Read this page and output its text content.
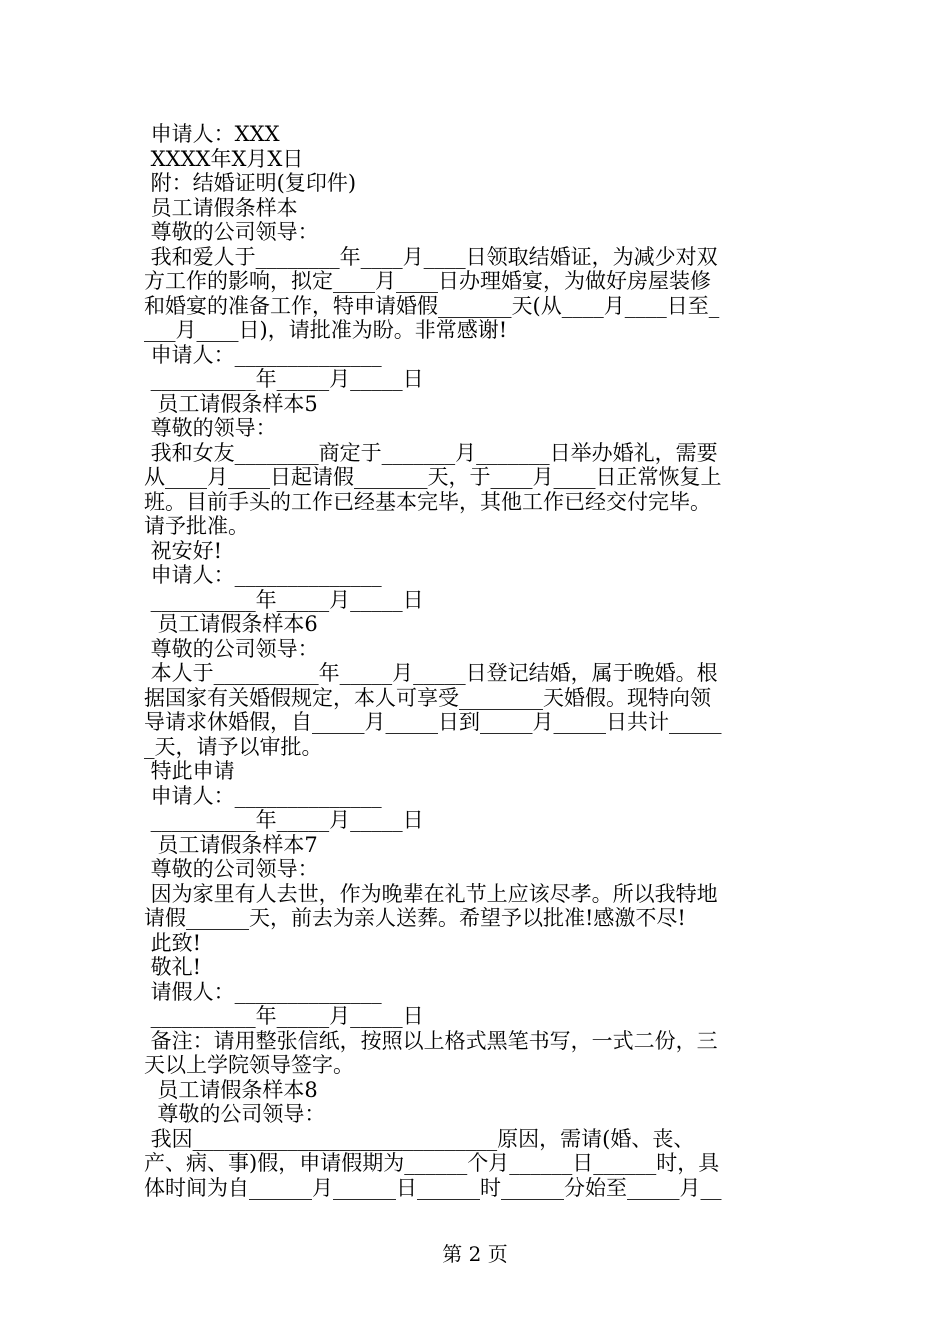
申请人：XXX
XXXX年X月X日
附：结婚证明(复印件)
员工请假条样本
尊敬的公司领导：
我和爱人于________年____月____日领取结婚证，为减少对双
方工作的影响，拟定____月____日办理婚宴，为做好房屋装修
和婚宴的准备工作，特申请婚假_______天(从____月____日至_
___月____日)，请批准为盼。非常感谢!
申请人：______________
__________年_____月_____日
员工请假条样本5
尊敬的领导：
我和女友________商定于_______月_______日举办婚礼，需要
从____月____日起请假_______天，于____月____日正常恢复上
班。目前手头的工作已经基本完毕，其他工作已经交付完毕。
请予批准。
祝安好!
申请人：______________
__________年_____月_____日
员工请假条样本6
尊敬的公司领导：
本人于__________年_____月_____日登记结婚，属于晚婚。根
据国家有关婚假规定，本人可享受________天婚假。现特向领
导请求休婚假，自_____月_____日到_____月_____日共计_____
_天，请予以审批。
特此申请
申请人：______________
__________年_____月_____日
员工请假条样本7
尊敬的公司领导：
因为家里有人去世，作为晚辈在礼节上应该尽孝。所以我特地
请假______天，前去为亲人送葬。希望予以批准!感激不尽!
此致!
敬礼!
请假人：______________
__________年_____月_____日
备注：请用整张信纸，按照以上格式黑笔书写，一式二份，三
天以上学院领导签字。
员工请假条样本8
尊敬的公司领导：
我因_____________________________原因，需请(婚、丧、
产、病、事)假，申请假期为______个月______日______时，具
体时间为自______月______日______时______分始至_____月__
第 2 页
